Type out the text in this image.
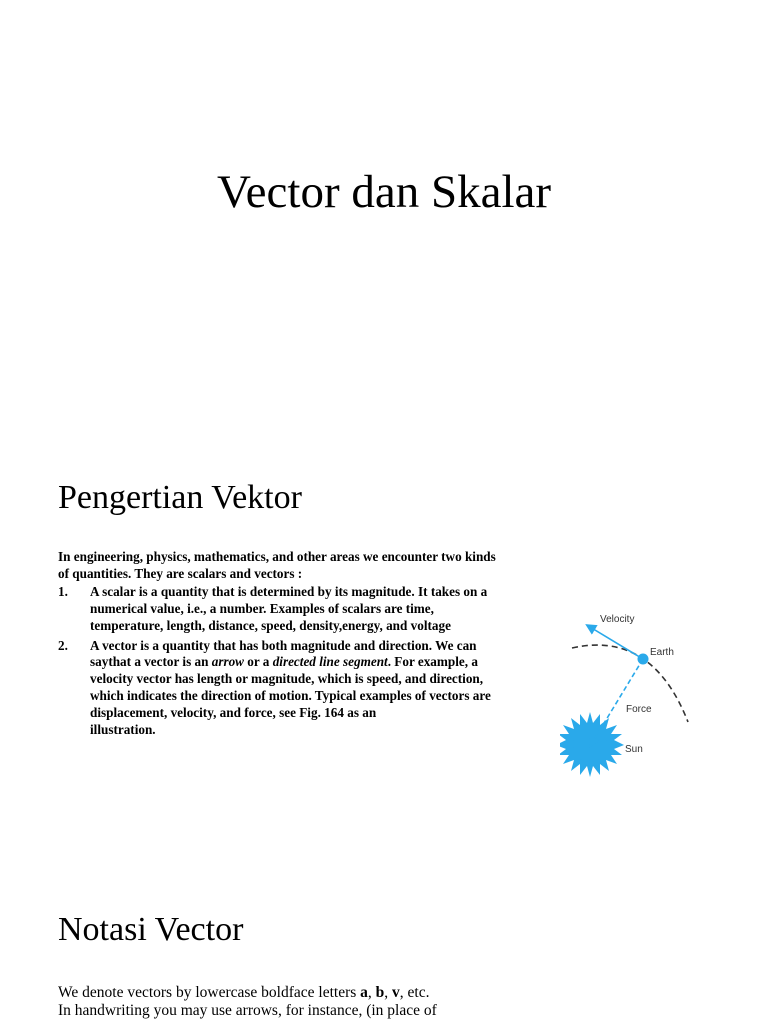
Vector dan Skalar
Pengertian Vektor

In engineering, physics, mathematics, and other areas we encounter two kinds of quantities. They are scalars and vectors :

1.	A scalar is a quantity that is determined by its magnitude. It takes on a numerical value, i.e., a number. Examples of scalars are time, temperature, length, distance, speed, density,energy, and voltage
2.	A vector is a quantity that has both magnitude and direction. We can saythat a vector is an arrow or a directed line segment. For example, a velocity vector has length or magnitude, which is speed, and direction, which indicates the direction of motion. Typical examples of vectors are displacement, velocity, and force, see Fig. 164 as an
illustration.
Velocity
Earth
Force
Sun
Notasi Vector

We denote vectors by lowercase boldface letters a, b, v, etc.

In handwriting you may use arrows, for instance, (in place of
